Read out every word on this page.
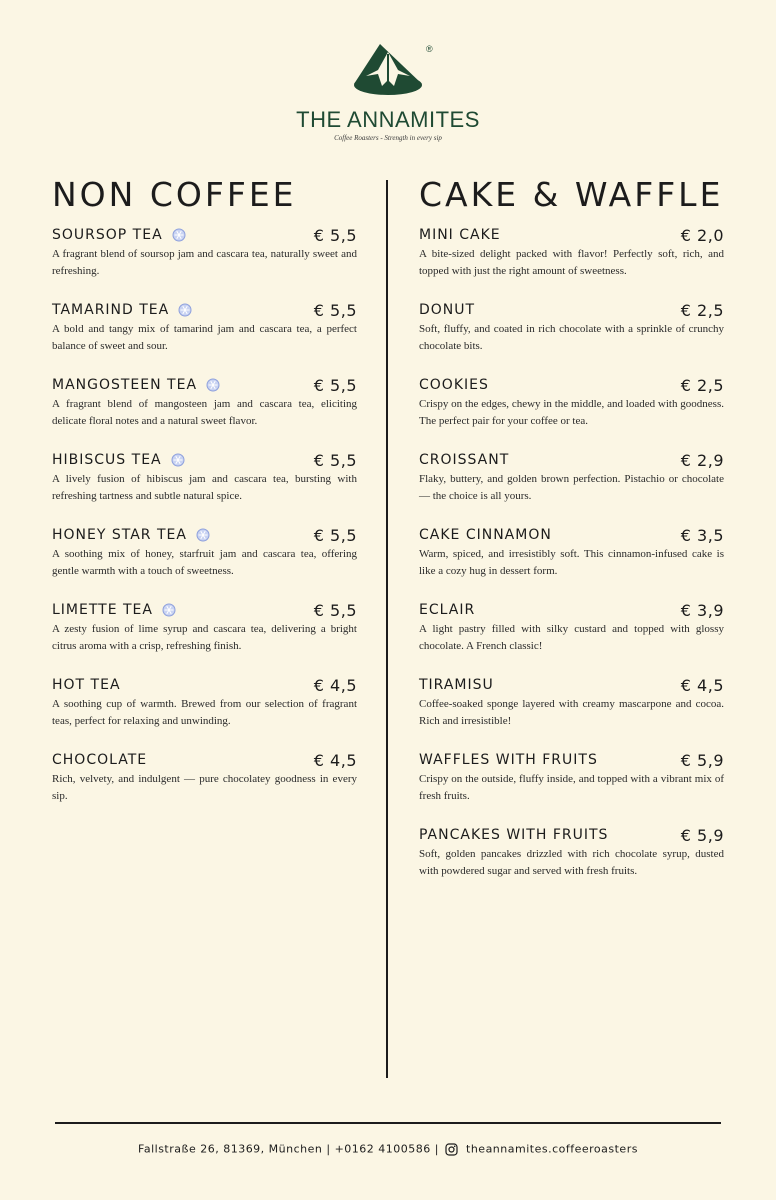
®
THE ANNAMITES
Coffee Roasters - Strength in every sip
NON COFFEE
SOURSOP TEA	€ 5,5
A fragrant blend of soursop jam and cascara tea, naturally sweet and refreshing.
TAMARIND TEA	€ 5,5
A bold and tangy mix of tamarind jam and cascara tea, a perfect balance of sweet and sour.
MANGOSTEEN TEA	€ 5,5
A fragrant blend of mangosteen jam and cascara tea, eliciting delicate floral notes and a natural sweet flavor.
HIBISCUS TEA	€ 5,5
A lively fusion of hibiscus jam and cascara tea, bursting with refreshing tartness and subtle natural spice.
HONEY STAR TEA	€ 5,5
A soothing mix of honey, starfruit jam and cascara tea, offering gentle warmth with a touch of sweetness.
LIMETTE TEA	€ 5,5
A zesty fusion of lime syrup and cascara tea, delivering a bright citrus aroma with a crisp, refreshing finish.
HOT TEA	€ 4,5
A soothing cup of warmth. Brewed from our selection of fragrant teas, perfect for relaxing and unwinding.
CHOCOLATE	€ 4,5
Rich, velvety, and indulgent — pure chocolatey goodness in every sip.
CAKE & WAFFLE
MINI CAKE	€ 2,0
A bite-sized delight packed with flavor! Perfectly soft, rich, and topped with just the right amount of sweetness.
DONUT	€ 2,5
Soft, fluffy, and coated in rich chocolate with a sprinkle of crunchy chocolate bits.
COOKIES	€ 2,5
Crispy on the edges, chewy in the middle, and loaded with goodness. The perfect pair for your coffee or tea.
CROISSANT	€ 2,9
Flaky, buttery, and golden brown perfection. Pistachio or chocolate — the choice is all yours.
CAKE CINNAMON	€ 3,5
Warm, spiced, and irresistibly soft. This cinnamon-infused cake is like a cozy hug in dessert form.
ECLAIR	€ 3,9
A light pastry filled with silky custard and topped with glossy chocolate. A French classic!
TIRAMISU	€ 4,5
Coffee-soaked sponge layered with creamy mascarpone and cocoa. Rich and irresistible!
WAFFLES WITH FRUITS	€ 5,9
Crispy on the outside, fluffy inside, and topped with a vibrant mix of fresh fruits.
PANCAKES WITH FRUITS	€ 5,9
Soft, golden pancakes drizzled with rich chocolate syrup, dusted with powdered sugar and served with fresh fruits.
Fallstraße 26, 81369, München | +0162 4100586 | theannamites.coffeeroasters
